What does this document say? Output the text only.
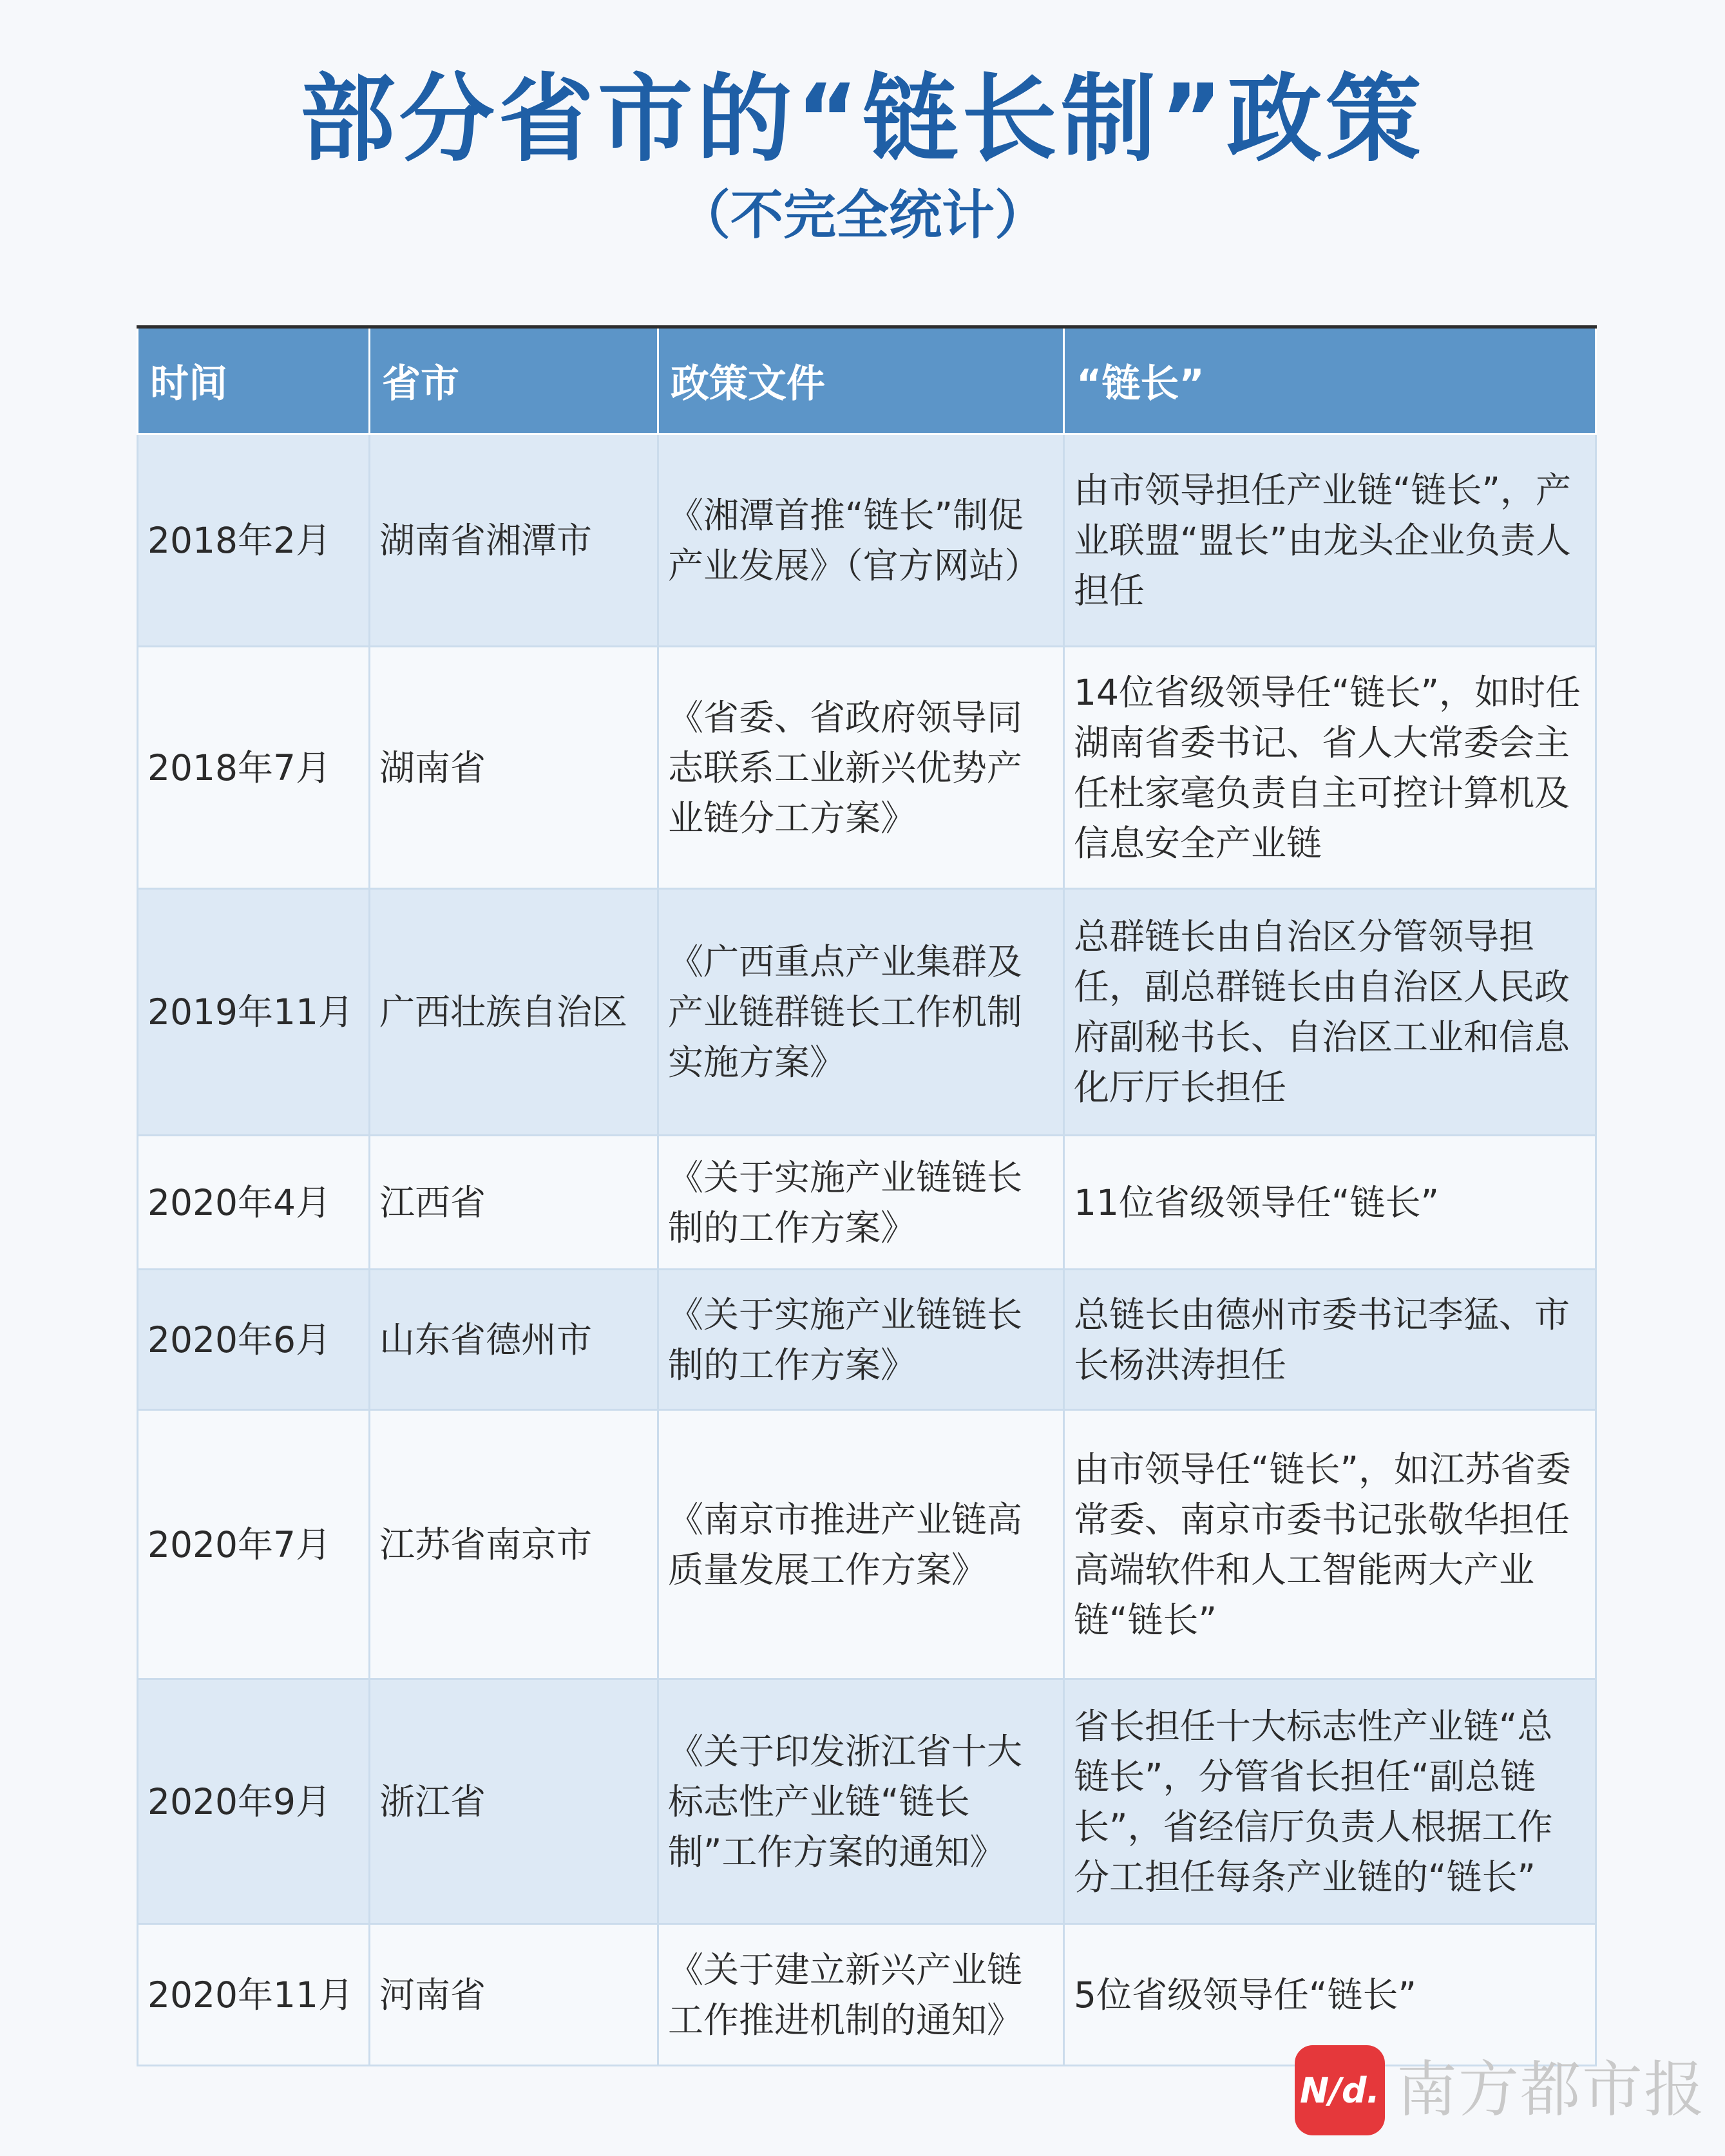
部分省市的“链长制”政策
（不完全统计）
时间	省市	政策文件	“链长”
2018年2月	湖南省湘潭市	《湘潭首推“链长”制促产业发展》（官方网站）	由市领导担任产业链“链长”，产业联盟“盟长”由龙头企业负责人担任
2018年7月	湖南省	《省委、省政府领导同志联系工业新兴优势产业链分工方案》	14位省级领导任“链长”，如时任湖南省委书记、省人大常委会主任杜家毫负责自主可控计算机及信息安全产业链
2019年11月	广西壮族自治区	《广西重点产业集群及产业链群链长工作机制实施方案》	总群链长由自治区分管领导担任，副总群链长由自治区人民政府副秘书长、自治区工业和信息化厅厅长担任
2020年4月	江西省	《关于实施产业链链长制的工作方案》	11位省级领导任“链长”
2020年6月	山东省德州市	《关于实施产业链链长制的工作方案》	总链长由德州市委书记李猛、市长杨洪涛担任
2020年7月	江苏省南京市	《南京市推进产业链高质量发展工作方案》	由市领导任“链长”，如江苏省委常委、南京市委书记张敬华担任高端软件和人工智能两大产业链“链长”
2020年9月	浙江省	《关于印发浙江省十大标志性产业链“链长制”工作方案的通知》	省长担任十大标志性产业链“总链长”，分管省长担任“副总链长”，省经信厅负责人根据工作分工担任每条产业链的“链长”
2020年11月	河南省	《关于建立新兴产业链工作推进机制的通知》	5位省级领导任“链长”
N/d. 南方都市报
